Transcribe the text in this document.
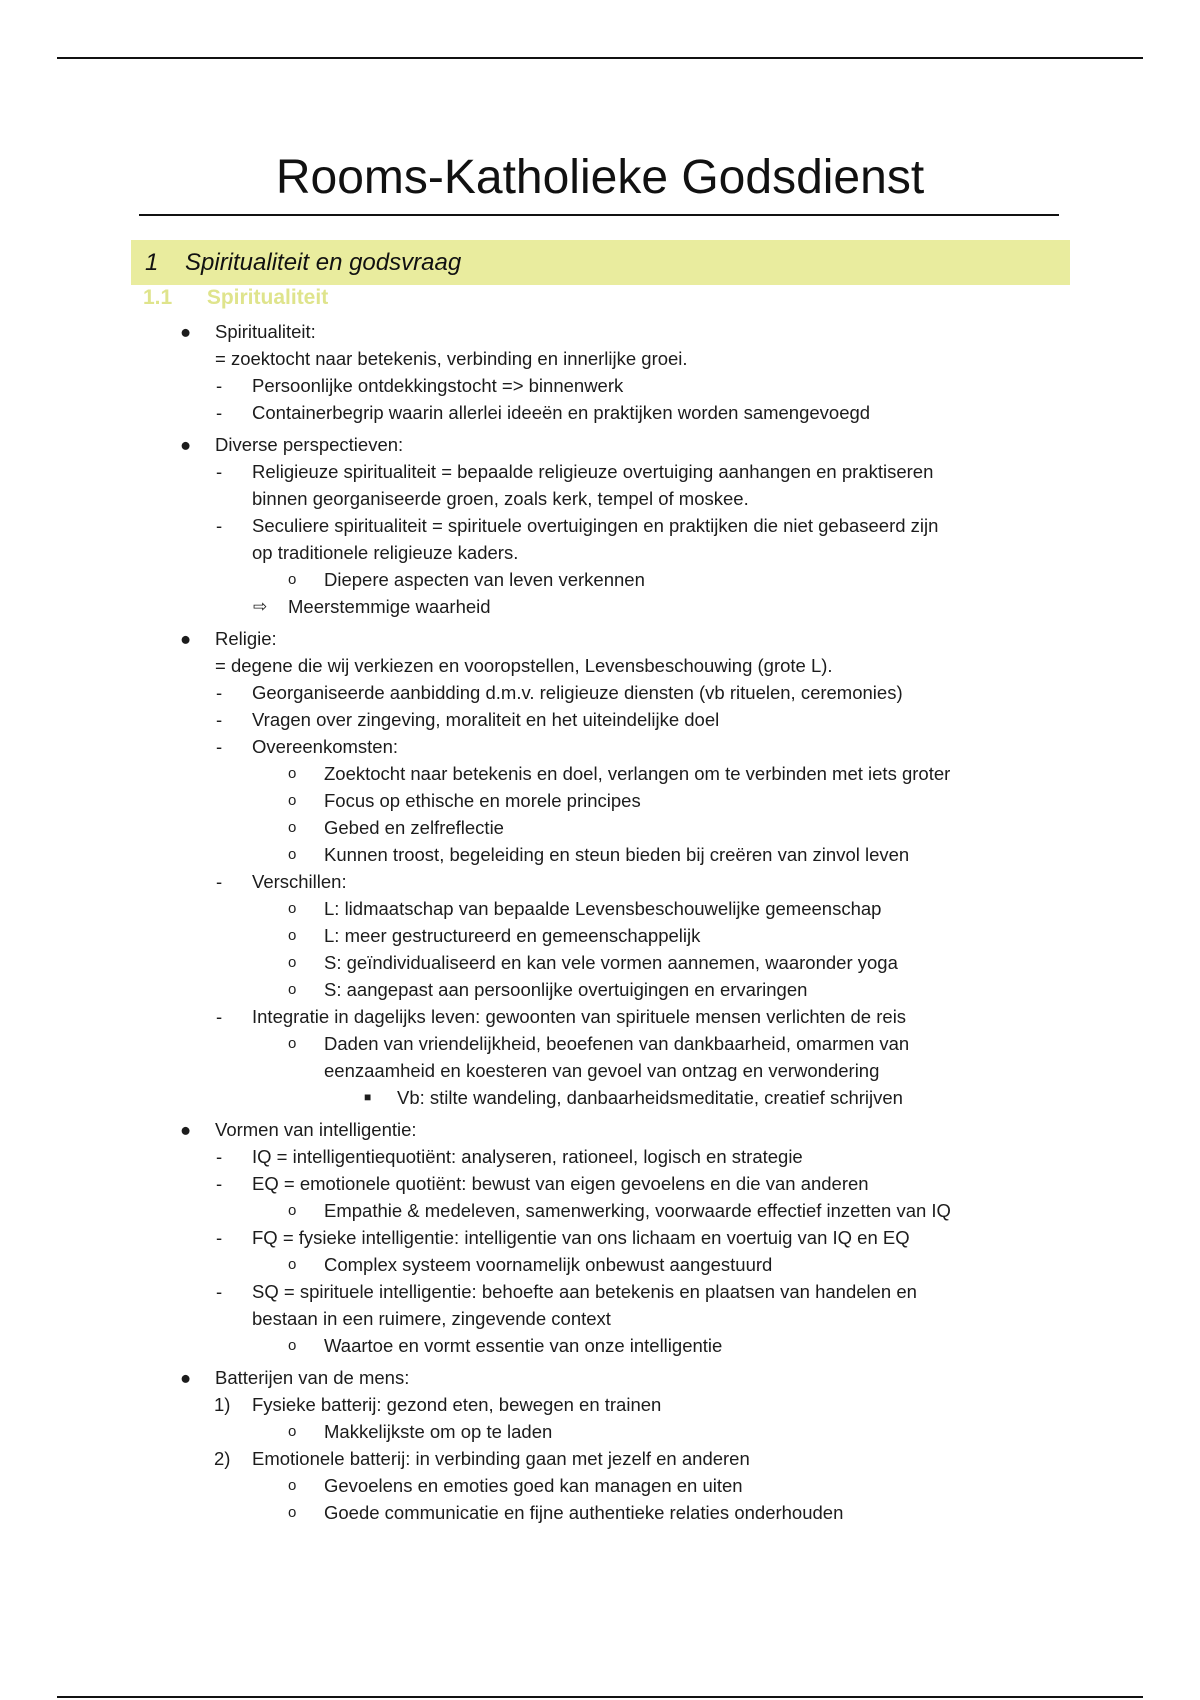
Rooms-Katholieke Godsdienst
1	Spiritualiteit en godsvraag
1.1 Spiritualiteit
● Spiritualiteit:
= zoektocht naar betekenis, verbinding en innerlijke groei.
- Persoonlijke ontdekkingstocht => binnenwerk
- Containerbegrip waarin allerlei ideeën en praktijken worden samengevoegd
● Diverse perspectieven:
- Religieuze spiritualiteit = bepaalde religieuze overtuiging aanhangen en praktiseren
binnen georganiseerde groen, zoals kerk, tempel of moskee.
- Seculiere spiritualiteit = spirituele overtuigingen en praktijken die niet gebaseerd zijn
op traditionele religieuze kaders.
o Diepere aspecten van leven verkennen
⇨ Meerstemmige waarheid
● Religie:
= degene die wij verkiezen en vooropstellen, Levensbeschouwing (grote L).
- Georganiseerde aanbidding d.m.v. religieuze diensten (vb rituelen, ceremonies)
- Vragen over zingeving, moraliteit en het uiteindelijke doel
- Overeenkomsten:
o Zoektocht naar betekenis en doel, verlangen om te verbinden met iets groter
o Focus op ethische en morele principes
o Gebed en zelfreflectie
o Kunnen troost, begeleiding en steun bieden bij creëren van zinvol leven
- Verschillen:
o L: lidmaatschap van bepaalde Levensbeschouwelijke gemeenschap
o L: meer gestructureerd en gemeenschappelijk
o S: geïndividualiseerd en kan vele vormen aannemen, waaronder yoga
o S: aangepast aan persoonlijke overtuigingen en ervaringen
- Integratie in dagelijks leven: gewoonten van spirituele mensen verlichten de reis
o Daden van vriendelijkheid, beoefenen van dankbaarheid, omarmen van
eenzaamheid en koesteren van gevoel van ontzag en verwondering
■ Vb: stilte wandeling, danbaarheidsmeditatie, creatief schrijven
● Vormen van intelligentie:
- IQ = intelligentiequotiënt: analyseren, rationeel, logisch en strategie
- EQ = emotionele quotiënt: bewust van eigen gevoelens en die van anderen
o Empathie & medeleven, samenwerking, voorwaarde effectief inzetten van IQ
- FQ = fysieke intelligentie: intelligentie van ons lichaam en voertuig van IQ en EQ
o Complex systeem voornamelijk onbewust aangestuurd
- SQ = spirituele intelligentie: behoefte aan betekenis en plaatsen van handelen en
bestaan in een ruimere, zingevende context
o Waartoe en vormt essentie van onze intelligentie
● Batterijen van de mens:
1) Fysieke batterij: gezond eten, bewegen en trainen
o Makkelijkste om op te laden
2) Emotionele batterij: in verbinding gaan met jezelf en anderen
o Gevoelens en emoties goed kan managen en uiten
o Goede communicatie en fijne authentieke relaties onderhouden
